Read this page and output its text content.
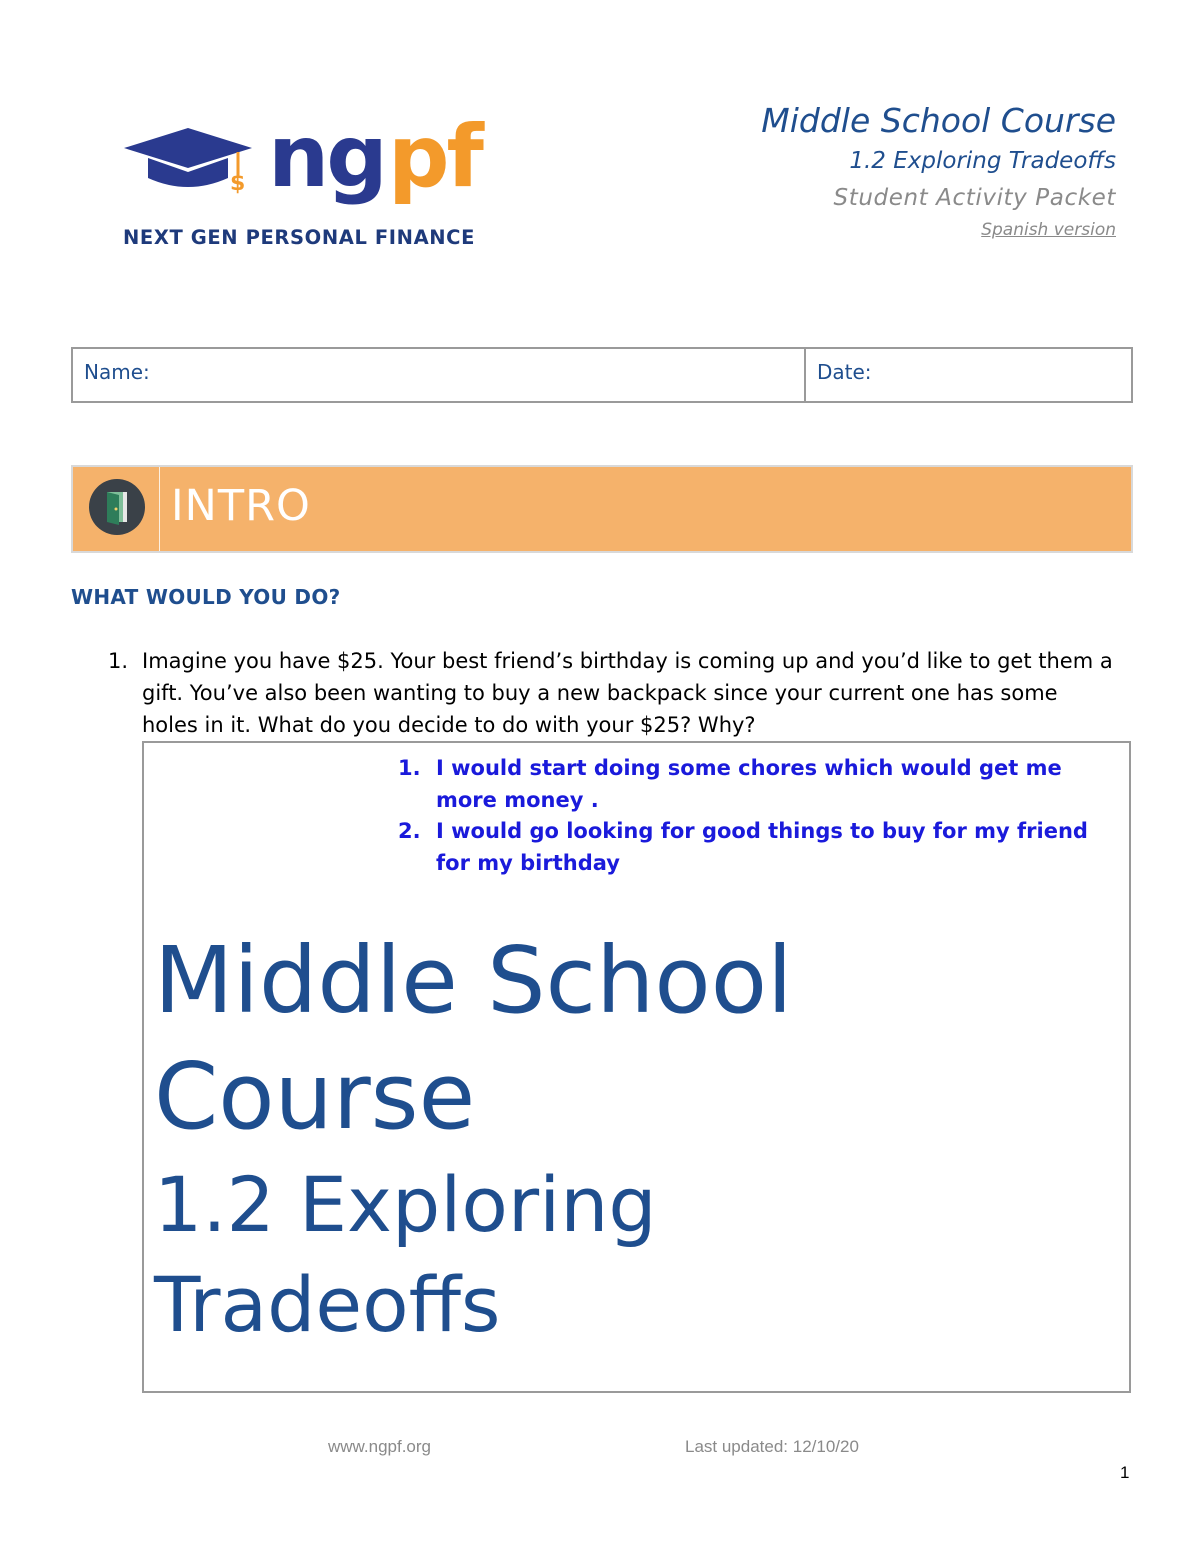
$ ng pf
NEXT GEN PERSONAL FINANCE
Middle School Course
1.2 Exploring Tradeoffs
Student Activity Packet
Spanish version
Name:	Date:
INTRO
WHAT WOULD YOU DO?
1. Imagine you have $25. Your best friend’s birthday is coming up and you’d like to get them a gift. You’ve also been wanting to buy a new backpack since your current one has some holes in it. What do you decide to do with your $25? Why?
1. I would start doing some chores which would get me more money .
2. I would go looking for good things to buy for my friend for my birthday
Middle School Course
1.2 Exploring Tradeoffs
www.ngpf.org	Last updated: 12/10/20
1
